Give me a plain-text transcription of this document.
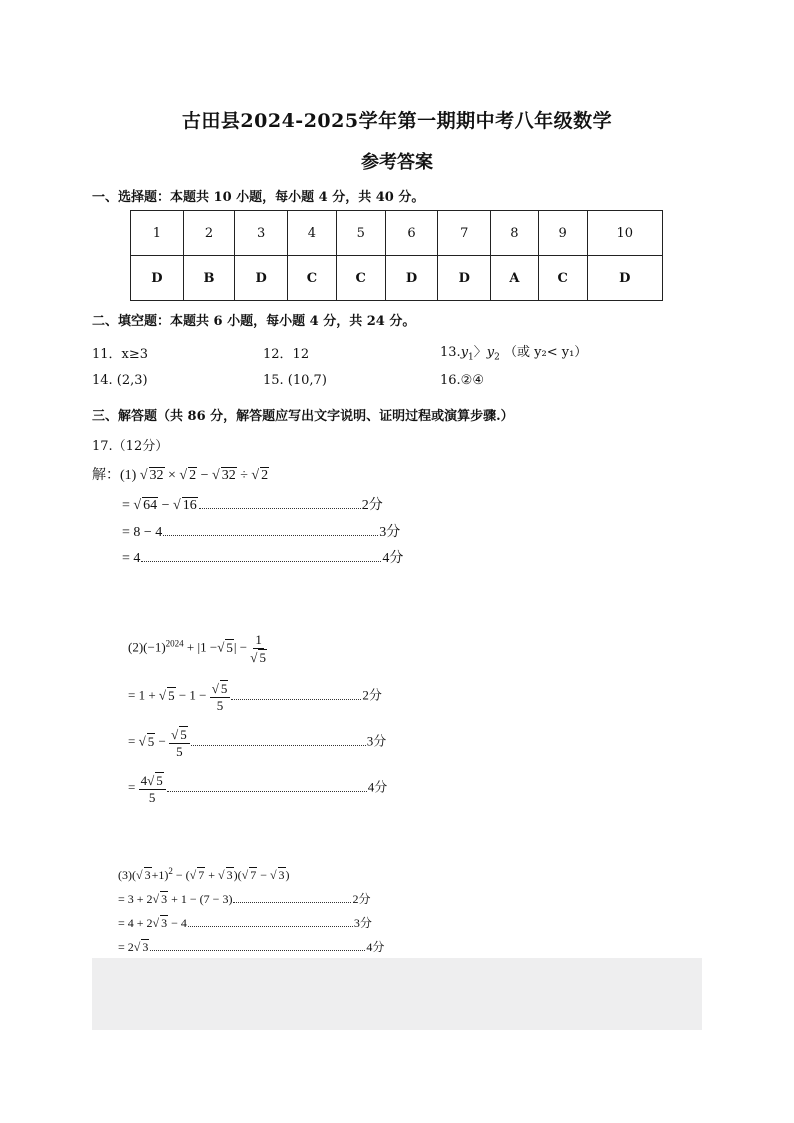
古田县2024-2025学年第一期期中考八年级数学
参考答案
一、选择题：本题共 10 小题，每小题 4 分，共 40 分。
1	2	3	4	5	6	7	8	9	10
D	B	D	C	C	D	D	A	C	D
二、填空题：本题共 6 小题，每小题 4 分，共 24 分。
11．x≥3	12．12	$13.y_1$〉$y_2$ （或 y₂< y₁）
14. (2,3)	15. (10,7)	16.②④
三、解答题（共 86 分，解答题应写出文字说明、证明过程或演算步骤.）
17.（12分）
解：(1) √ 32 × √ 2 − √ 32 ÷ √ 2
= √ 64 − √ 16	2分
= 8 − 4	3分
= 4	4分
$(2)(-1)^{2024} + |1$ −√ $5| - \frac{1}{√ 5}$
= 1 + √ $5 - 1 - \frac{√ 5}{5}$	2分
= √ $5 - \frac{√ 5}{5}$	3分
= $\frac{4√ 5}{5}$	4分
(3)(√ 3+1)$^2$ − (√ 7 + √ 3)(√ 7 − √ 3)
= 3 + 2√ 3 + 1 − (7 − 3)	2分
= 4 + 2√ 3 − 4	3分
= 2√ 3	4分
